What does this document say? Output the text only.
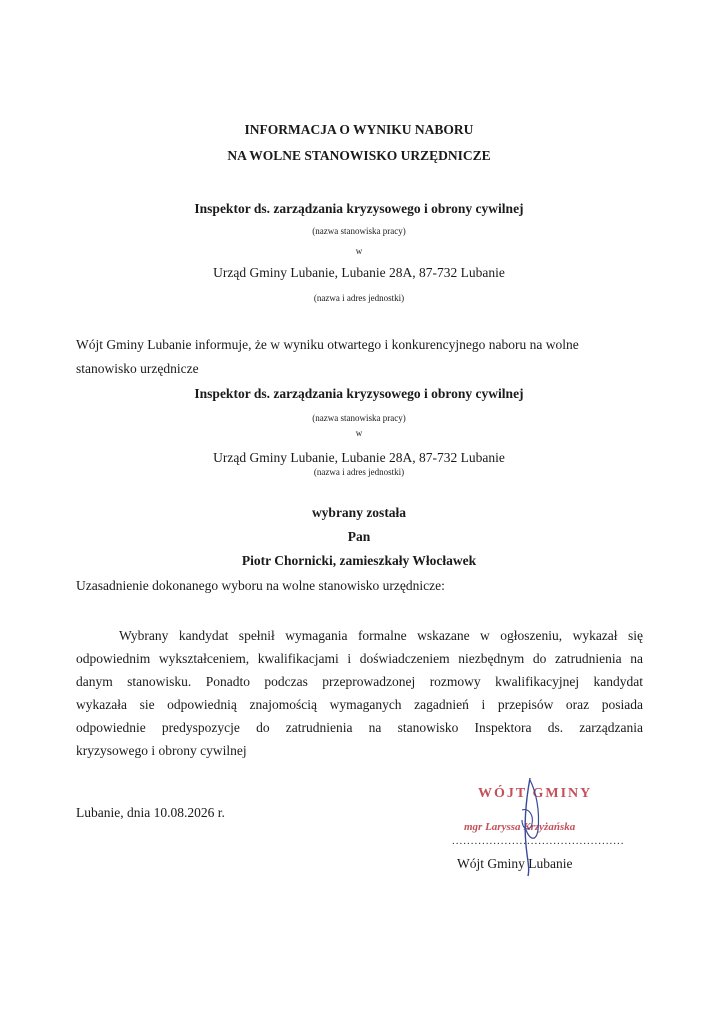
INFORMACJA O WYNIKU NABORU
NA WOLNE STANOWISKO URZĘDNICZE
Inspektor ds. zarządzania kryzysowego i obrony cywilnej
(nazwa stanowiska pracy)
w
Urząd Gminy Lubanie, Lubanie 28A, 87-732 Lubanie
(nazwa i adres jednostki)
Wójt Gminy Lubanie informuje, że w wyniku otwartego i konkurencyjnego naboru na wolne
stanowisko urzędnicze
Inspektor ds. zarządzania kryzysowego i obrony cywilnej
(nazwa stanowiska pracy)
w
Urząd Gminy Lubanie, Lubanie 28A, 87-732 Lubanie
(nazwa i adres jednostki)
wybrany została
Pan
Piotr Chornicki, zamieszkały Włocławek
Uzasadnienie dokonanego wyboru na wolne stanowisko urzędnicze:
Wybrany kandydat spełnił wymagania formalne wskazane w ogłoszeniu, wykazał się
odpowiednim wykształceniem, kwalifikacjami i doświadczeniem niezbędnym do zatrudnienia na
danym stanowisku. Ponadto podczas przeprowadzonej rozmowy kwalifikacyjnej kandydat
wykazała sie odpowiednią znajomością wymaganych zagadnień i przepisów oraz posiada
odpowiednie predyspozycje do zatrudnienia na stanowisko Inspektora ds. zarządzania
kryzysowego i obrony cywilnej
Lubanie, dnia 10.08.2026 r.
WÓJT GMINY
mgr Laryssa Krzyżańska
..............................................
Wójt Gminy Lubanie
